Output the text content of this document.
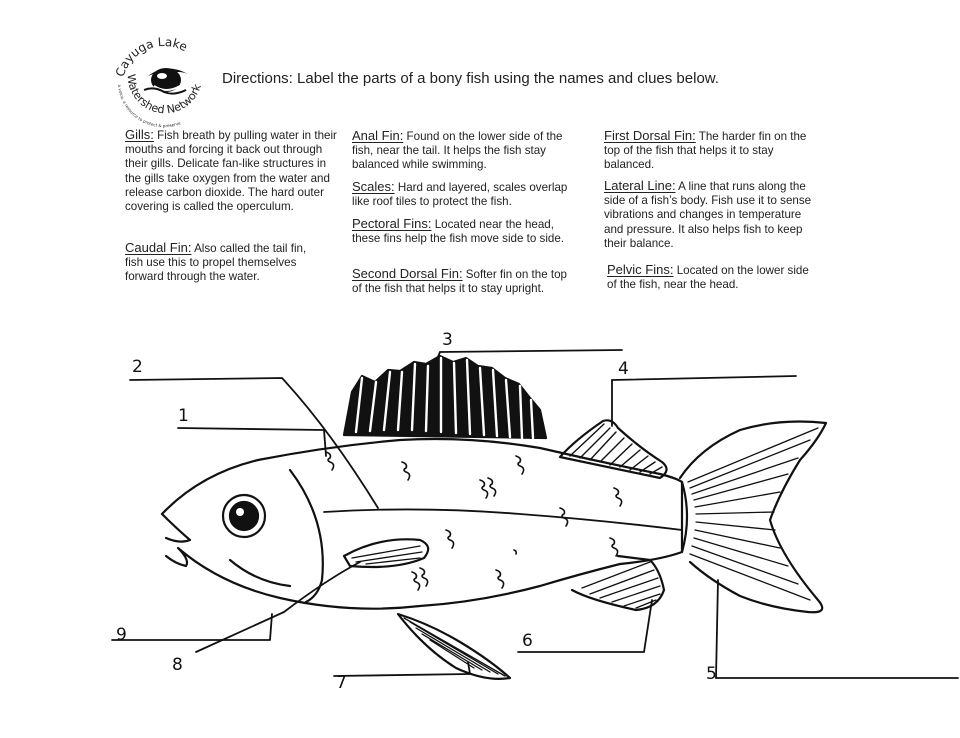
Cayuga Lake
Watershed Network
a voice, a resource to protect & preserve
Directions: Label the parts of a bony fish using the names and clues below.
Gills: Fish breath by pulling water in their mouths and forcing it back out through their gills. Delicate fan-like structures in the gills take oxygen from the water and release carbon dioxide. The hard outer covering is called the operculum.
Caudal Fin: Also called the tail fin, fish use this to propel themselves forward through the water.
Anal Fin: Found on the lower side of the fish, near the tail. It helps the fish stay balanced while swimming.
Scales: Hard and layered, scales overlap like roof tiles to protect the fish.
Pectoral Fins: Located near the head, these fins help the fish move side to side.
Second Dorsal Fin: Softer fin on the top of the fish that helps it to stay upright.
First Dorsal Fin: The harder fin on the top of the fish that helps it to stay balanced.
Lateral Line: A line that runs along the side of a fish’s body. Fish use it to sense vibrations and changes in temperature and pressure. It also helps fish to keep their balance.
Pelvic Fins: Located on the lower side of the fish, near the head.
1
2
3
4
5
6
7
8
9
